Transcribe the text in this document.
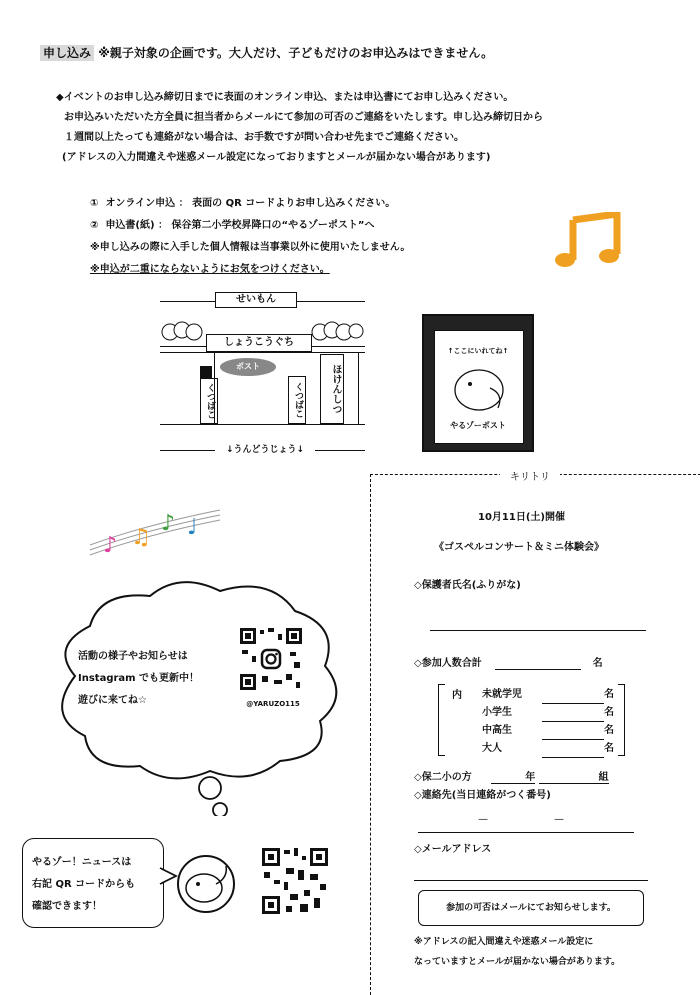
申し込み ※親子対象の企画です。大人だけ、子どもだけのお申込みはできません。
◆イベントのお申し込み締切日までに表面のオンライン申込、または申込書にてお申し込みください。
お申込みいただいた方全員に担当者からメールにて参加の可否のご連絡をいたします。申し込み締切日から
１週間以上たっても連絡がない場合は、お手数ですが問い合わせ先までご連絡ください。
(アドレスの入力間違えや迷惑メール設定になっておりますとメールが届かない場合があります)
① オンライン申込 ： 表面の QR コードよりお申し込みください。
② 申込書(紙) ： 保谷第二小学校昇降口の“やるゾーポスト”へ
※申し込みの際に入手した個人情報は当事業以外に使用いたしません。
※申込が二重にならないようにお気をつけください。
せいもん
しょうこうぐち
ポスト
くつばこ	くつばこ	ほけんしつ
↓うんどうじょう↓
↑ここにいれてね↑
やるゾーポスト
♪ ♫
♪ ♩
活動の様子やお知らせは
Instagram でも更新中！
遊びに来てね☆	@YARUZO115
やるゾー！ニュースは
右記 QR コードからも
確認できます！
キリトリ
10月11日(土)開催
《ゴスペルコンサート＆ミニ体験会》
◇保護者氏名(ふりがな)
◇参加人数合計	名
内 未就学児	名
小学生	名
中高生	名
大人	名
◇保二小の方	年	組
◇連絡先(当日連絡がつく番号)
—	—
◇メールアドレス
参加の可否はメールにてお知らせします。
※アドレスの記入間違えや迷惑メール設定に
なっていますとメールが届かない場合があります。
